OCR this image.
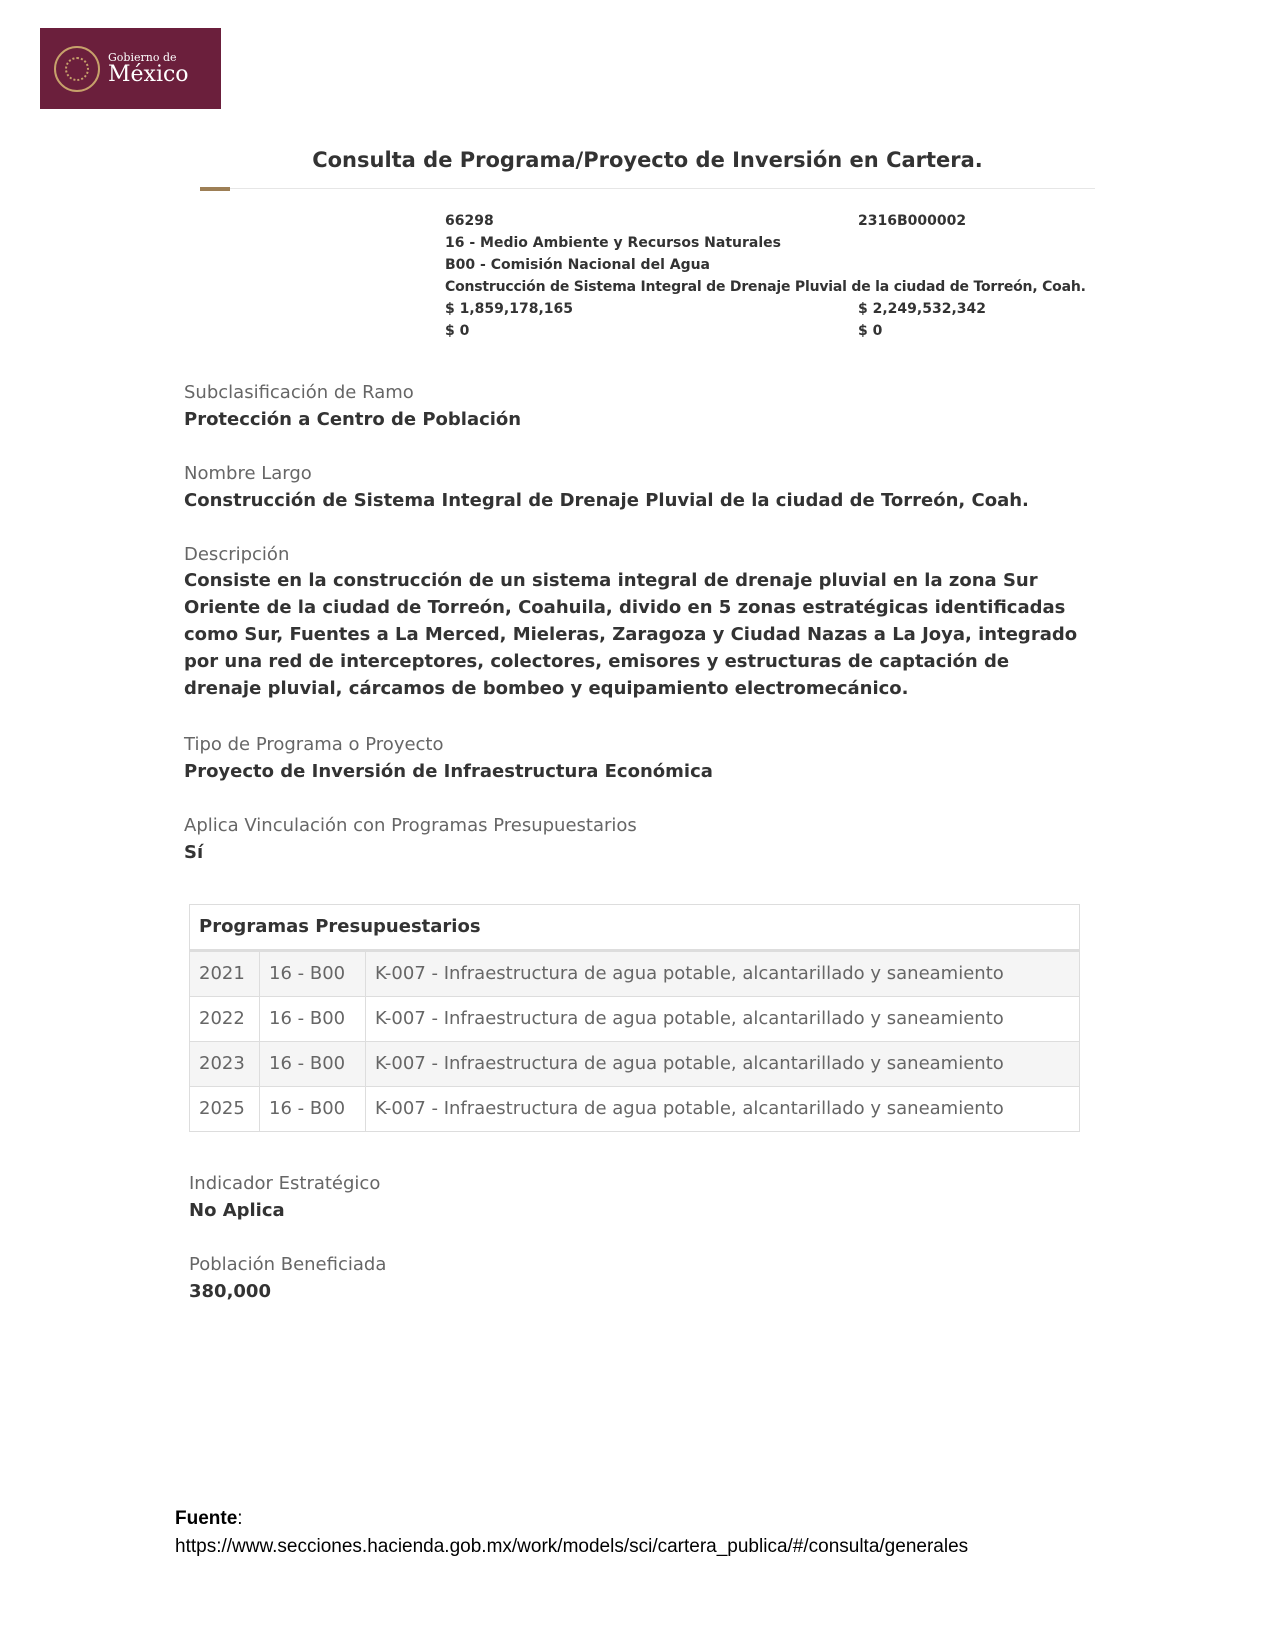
Gobierno de
México
Consulta de Programa/Proyecto de Inversión en Cartera.
66298	2316B000002
16 - Medio Ambiente y Recursos Naturales
B00 - Comisión Nacional del Agua
Construcción de Sistema Integral de Drenaje Pluvial de la ciudad de Torreón, Coah.
$ 1,859,178,165	$ 2,249,532,342
$ 0	$ 0
Subclasificación de Ramo
Protección a Centro de Población
Nombre Largo
Construcción de Sistema Integral de Drenaje Pluvial de la ciudad de Torreón, Coah.
Descripción
Consiste en la construcción de un sistema integral de drenaje pluvial en la zona Sur Oriente de la ciudad de Torreón, Coahuila, divido en 5 zonas estratégicas identificadas como Sur, Fuentes a La Merced, Mieleras, Zaragoza y Ciudad Nazas a La Joya, integrado por una red de interceptores, colectores, emisores y estructuras de captación de drenaje pluvial, cárcamos de bombeo y equipamiento electromecánico.
Tipo de Programa o Proyecto
Proyecto de Inversión de Infraestructura Económica
Aplica Vinculación con Programas Presupuestarios
Sí
Programas Presupuestarios
2021	16 - B00	K-007 - Infraestructura de agua potable, alcantarillado y saneamiento
2022	16 - B00	K-007 - Infraestructura de agua potable, alcantarillado y saneamiento
2023	16 - B00	K-007 - Infraestructura de agua potable, alcantarillado y saneamiento
2025	16 - B00	K-007 - Infraestructura de agua potable, alcantarillado y saneamiento
Indicador Estratégico
No Aplica
Población Beneficiada
380,000
Fuente:
https://www.secciones.hacienda.gob.mx/work/models/sci/cartera_publica/#/consulta/generales
